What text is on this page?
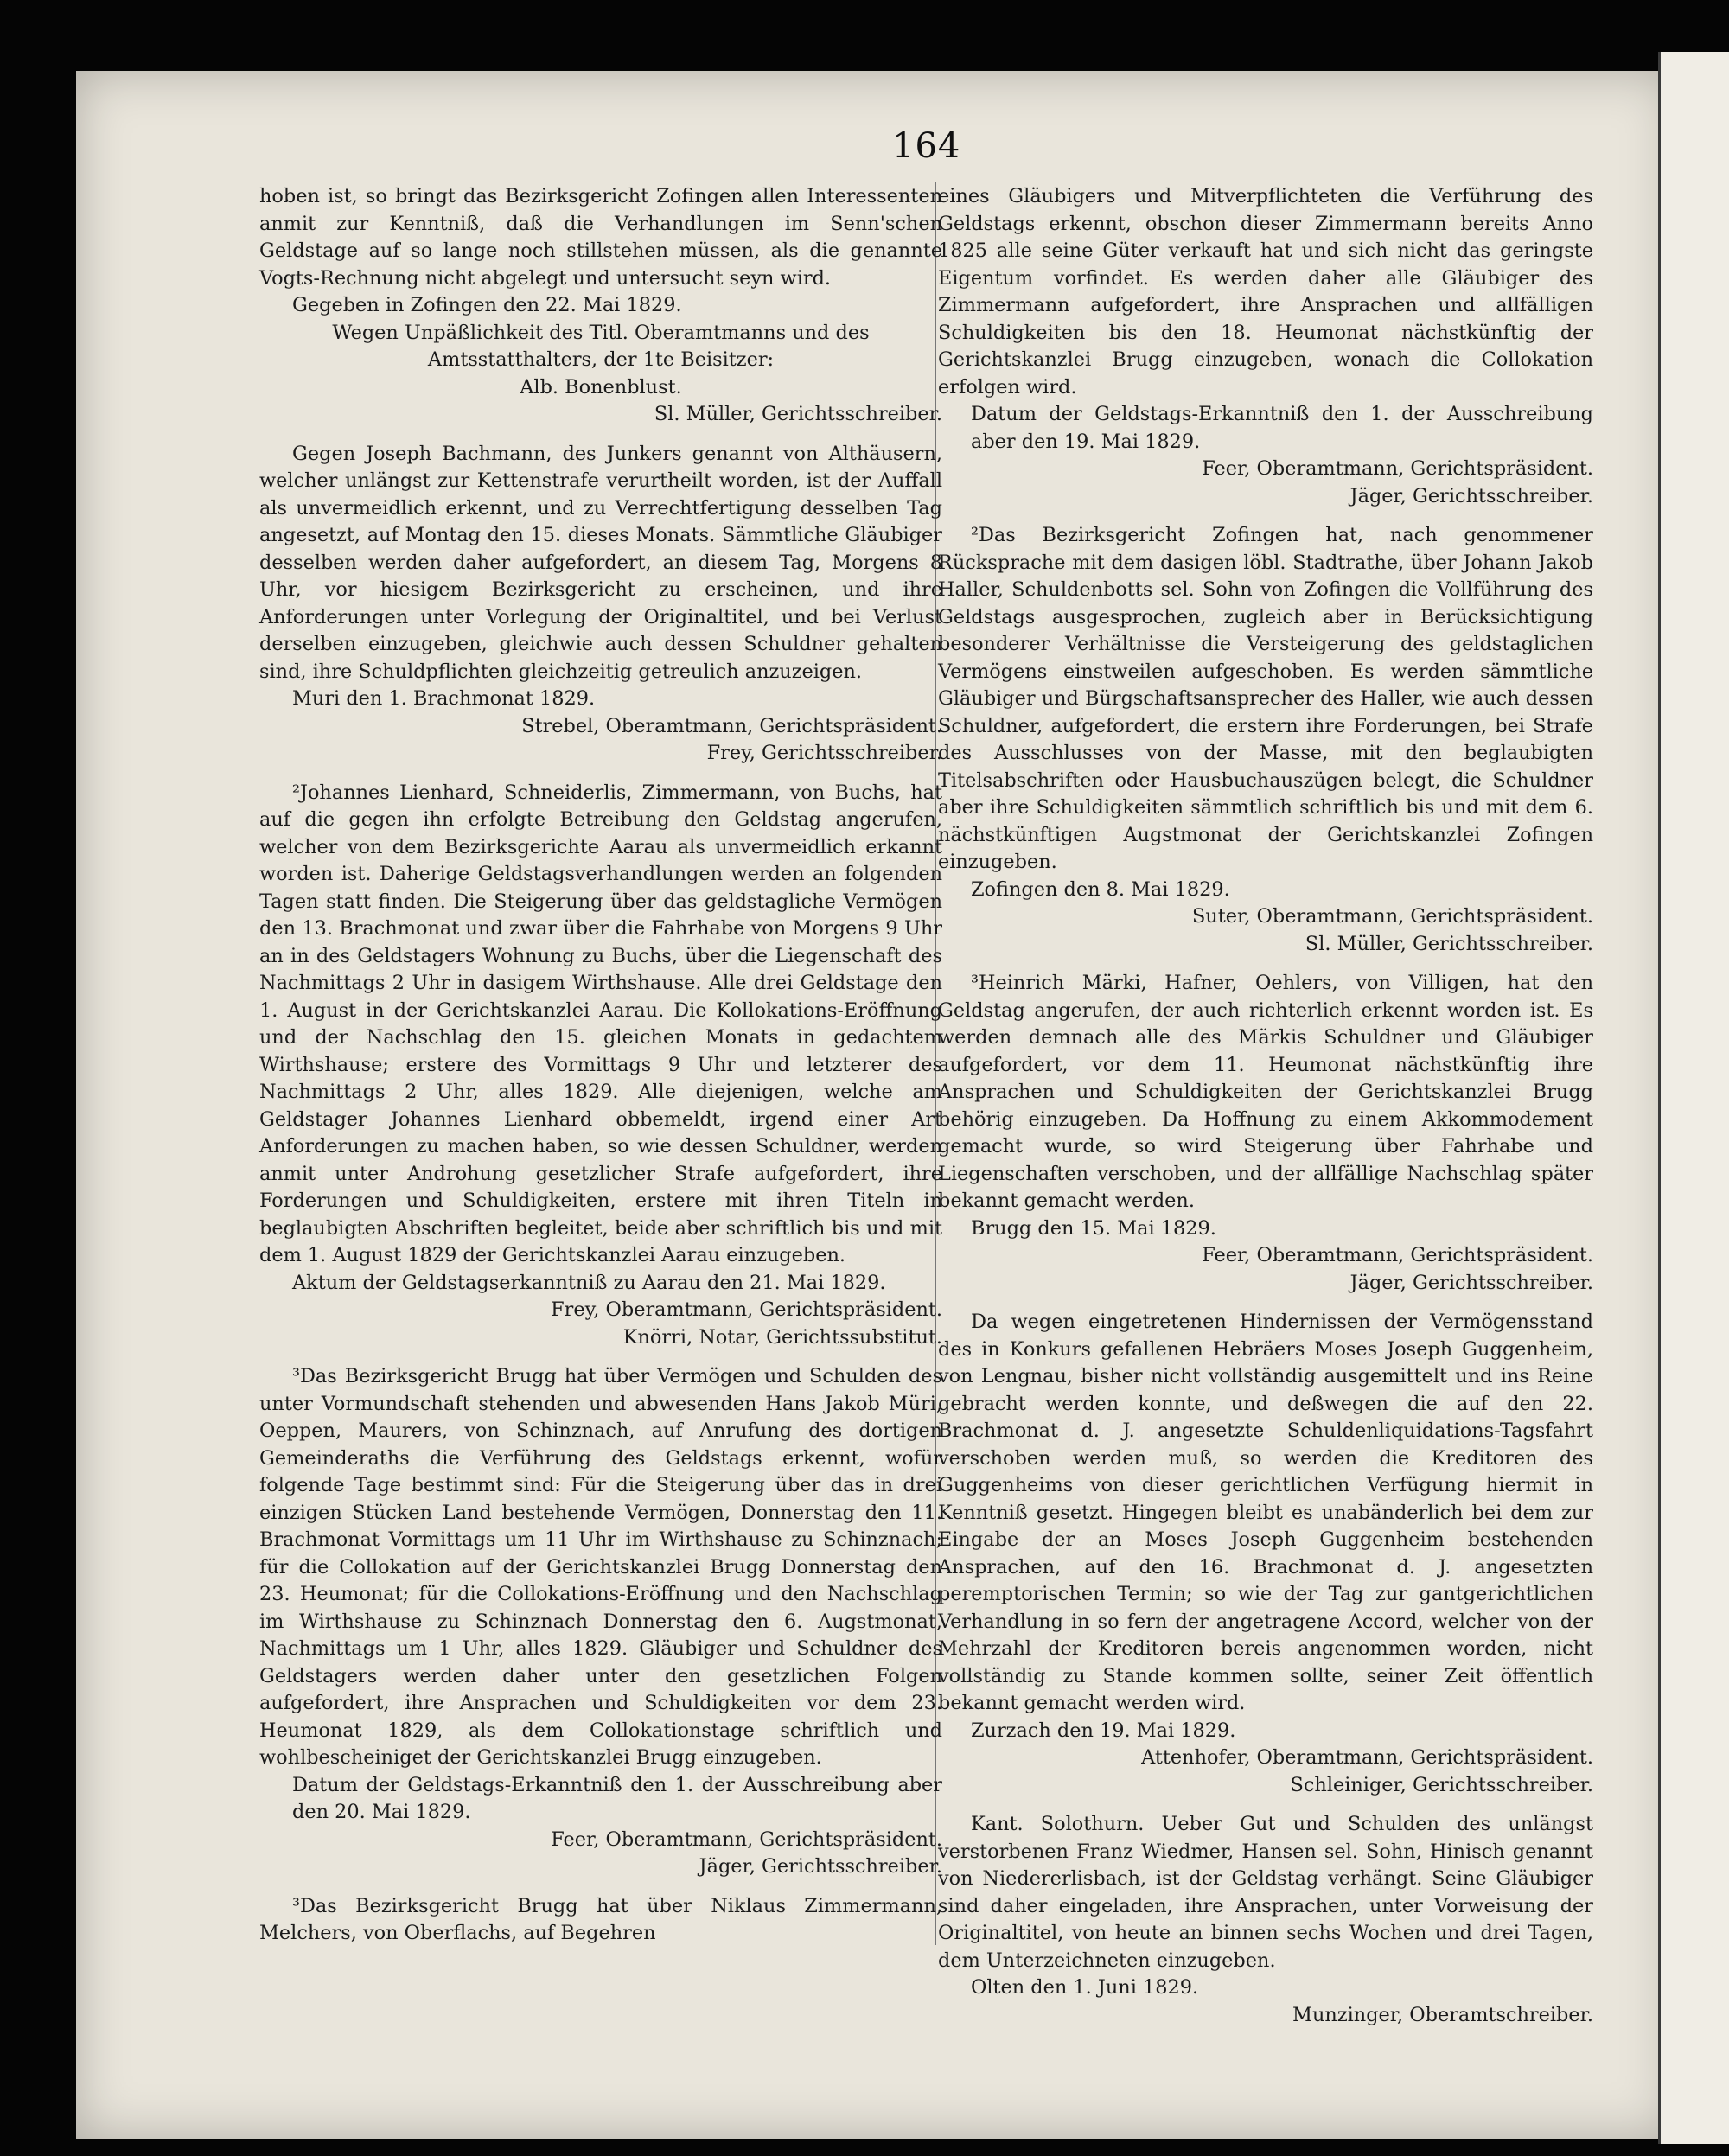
164

hoben ist, so bringt das Bezirksgericht Zofingen allen Interessenten anmit zur Kenntniß, daß die Verhandlungen im Senn'schen Geldstage auf so lange noch stillstehen müssen, als die genannte Vogts-Rechnung nicht abgelegt und untersucht seyn wird.

Gegeben in Zofingen den 22. Mai 1829.

Wegen Unpäßlichkeit des Titl. Oberamtmanns und des Amtsstatthalters, der 1te Beisitzer:

Alb. Bonenblust.

Sl. Müller, Gerichtsschreiber.

Gegen Joseph Bachmann, des Junkers genannt von Althäusern, welcher unlängst zur Kettenstrafe verurtheilt worden, ist der Auffall als unvermeidlich erkennt, und zu Verrechtfertigung desselben Tag angesetzt, auf Montag den 15. dieses Monats. Sämmtliche Gläubiger desselben werden daher aufgefordert, an diesem Tag, Morgens 8 Uhr, vor hiesigem Bezirksgericht zu erscheinen, und ihre Anforderungen unter Vorlegung der Originaltitel, und bei Verlust derselben einzugeben, gleichwie auch dessen Schuldner gehalten sind, ihre Schuldpflichten gleichzeitig getreulich anzuzeigen.

Muri den 1. Brachmonat 1829.

Strebel, Oberamtmann, Gerichtspräsident.

Frey, Gerichtsschreiber.

²Johannes Lienhard, Schneiderlis, Zimmermann, von Buchs, hat auf die gegen ihn erfolgte Betreibung den Geldstag angerufen, welcher von dem Bezirksgerichte Aarau als unvermeidlich erkannt worden ist. Daherige Geldstagsverhandlungen werden an folgenden Tagen statt finden. Die Steigerung über das geldstagliche Vermögen den 13. Brachmonat und zwar über die Fahrhabe von Morgens 9 Uhr an in des Geldstagers Wohnung zu Buchs, über die Liegenschaft des Nachmittags 2 Uhr in dasigem Wirthshause. Alle drei Geldstage den 1. August in der Gerichtskanzlei Aarau. Die Kollokations-Eröffnung und der Nachschlag den 15. gleichen Monats in gedachtem Wirthshause; erstere des Vormittags 9 Uhr und letzterer des Nachmittags 2 Uhr, alles 1829. Alle diejenigen, welche am Geldstager Johannes Lienhard obbemeldt, irgend einer Art Anforderungen zu machen haben, so wie dessen Schuldner, werden anmit unter Androhung gesetzlicher Strafe aufgefordert, ihre Forderungen und Schuldigkeiten, erstere mit ihren Titeln in beglaubigten Abschriften begleitet, beide aber schriftlich bis und mit dem 1. August 1829 der Gerichtskanzlei Aarau einzugeben.

Aktum der Geldstagserkanntniß zu Aarau den 21. Mai 1829.

Frey, Oberamtmann, Gerichtspräsident.

Knörri, Notar, Gerichtssubstitut.

³Das Bezirksgericht Brugg hat über Vermögen und Schulden des unter Vormundschaft stehenden und abwesenden Hans Jakob Müri, Oeppen, Maurers, von Schinznach, auf Anrufung des dortigen Gemeinderaths die Verführung des Geldstags erkennt, wofür folgende Tage bestimmt sind: Für die Steigerung über das in drei einzigen Stücken Land bestehende Vermögen, Donnerstag den 11. Brachmonat Vormittags um 11 Uhr im Wirthshause zu Schinznach; für die Collokation auf der Gerichtskanzlei Brugg Donnerstag den 23. Heumonat; für die Collokations-Eröffnung und den Nachschlag im Wirthshause zu Schinznach Donnerstag den 6. Augstmonat, Nachmittags um 1 Uhr, alles 1829. Gläubiger und Schuldner des Geldstagers werden daher unter den gesetzlichen Folgen aufgefordert, ihre Ansprachen und Schuldigkeiten vor dem 23. Heumonat 1829, als dem Collokationstage schriftlich und wohlbescheiniget der Gerichtskanzlei Brugg einzugeben.

Datum der Geldstags-Erkanntniß den 1. der Ausschreibung aber den 20. Mai 1829.

Feer, Oberamtmann, Gerichtspräsident.

Jäger, Gerichtsschreiber.

³Das Bezirksgericht Brugg hat über Niklaus Zimmermann, Melchers, von Oberflachs, auf Begehren

eines Gläubigers und Mitverpflichteten die Verführung des Geldstags erkennt, obschon dieser Zimmermann bereits Anno 1825 alle seine Güter verkauft hat und sich nicht das geringste Eigentum vorfindet. Es werden daher alle Gläubiger des Zimmermann aufgefordert, ihre Ansprachen und allfälligen Schuldigkeiten bis den 18. Heumonat nächstkünftig der Gerichtskanzlei Brugg einzugeben, wonach die Collokation erfolgen wird.

Datum der Geldstags-Erkanntniß den 1. der Ausschreibung aber den 19. Mai 1829.

Feer, Oberamtmann, Gerichtspräsident.

Jäger, Gerichtsschreiber.

²Das Bezirksgericht Zofingen hat, nach genommener Rücksprache mit dem dasigen löbl. Stadtrathe, über Johann Jakob Haller, Schuldenbotts sel. Sohn von Zofingen die Vollführung des Geldstags ausgesprochen, zugleich aber in Berücksichtigung besonderer Verhältnisse die Versteigerung des geldstaglichen Vermögens einstweilen aufgeschoben. Es werden sämmtliche Gläubiger und Bürgschaftsansprecher des Haller, wie auch dessen Schuldner, aufgefordert, die erstern ihre Forderungen, bei Strafe des Ausschlusses von der Masse, mit den beglaubigten Titelsabschriften oder Hausbuchauszügen belegt, die Schuldner aber ihre Schuldigkeiten sämmtlich schriftlich bis und mit dem 6. nächstkünftigen Augstmonat der Gerichtskanzlei Zofingen einzugeben.

Zofingen den 8. Mai 1829.

Suter, Oberamtmann, Gerichtspräsident.

Sl. Müller, Gerichtsschreiber.

³Heinrich Märki, Hafner, Oehlers, von Villigen, hat den Geldstag angerufen, der auch richterlich erkennt worden ist. Es werden demnach alle des Märkis Schuldner und Gläubiger aufgefordert, vor dem 11. Heumonat nächstkünftig ihre Ansprachen und Schuldigkeiten der Gerichtskanzlei Brugg behörig einzugeben. Da Hoffnung zu einem Akkommodement gemacht wurde, so wird Steigerung über Fahrhabe und Liegenschaften verschoben, und der allfällige Nachschlag später bekannt gemacht werden.

Brugg den 15. Mai 1829.

Feer, Oberamtmann, Gerichtspräsident.

Jäger, Gerichtsschreiber.

Da wegen eingetretenen Hindernissen der Vermögensstand des in Konkurs gefallenen Hebräers Moses Joseph Guggenheim, von Lengnau, bisher nicht vollständig ausgemittelt und ins Reine gebracht werden konnte, und deßwegen die auf den 22. Brachmonat d. J. angesetzte Schuldenliquidations-Tagsfahrt verschoben werden muß, so werden die Kreditoren des Guggenheims von dieser gerichtlichen Verfügung hiermit in Kenntniß gesetzt. Hingegen bleibt es unabänderlich bei dem zur Eingabe der an Moses Joseph Guggenheim bestehenden Ansprachen, auf den 16. Brachmonat d. J. angesetzten peremptorischen Termin; so wie der Tag zur gantgerichtlichen Verhandlung in so fern der angetragene Accord, welcher von der Mehrzahl der Kreditoren bereis angenommen worden, nicht vollständig zu Stande kommen sollte, seiner Zeit öffentlich bekannt gemacht werden wird.

Zurzach den 19. Mai 1829.

Attenhofer, Oberamtmann, Gerichtspräsident.

Schleiniger, Gerichtsschreiber.

Kant. Solothurn. Ueber Gut und Schulden des unlängst verstorbenen Franz Wiedmer, Hansen sel. Sohn, Hinisch genannt von Niedererlisbach, ist der Geldstag verhängt. Seine Gläubiger sind daher eingeladen, ihre Ansprachen, unter Vorweisung der Originaltitel, von heute an binnen sechs Wochen und drei Tagen, dem Unterzeichneten einzugeben.

Olten den 1. Juni 1829.

Munzinger, Oberamtschreiber.
